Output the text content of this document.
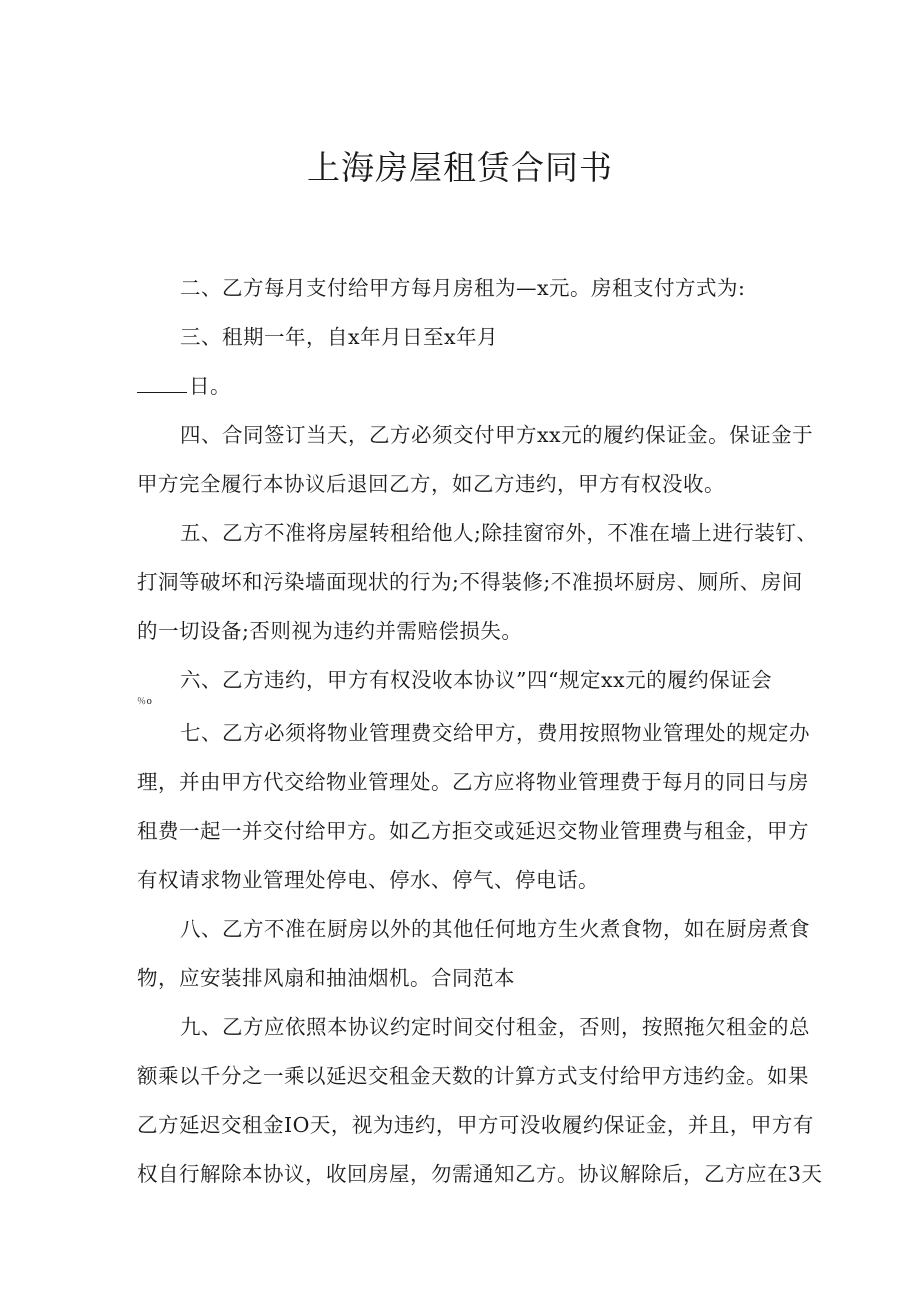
上海房屋租赁合同书
二、乙方每月支付给甲方每月房租为—x元。房租支付方式为:
三、租期一年，自x年月日至x年月
日。
四、合同签订当天，乙方必须交付甲方xx元的履约保证金。保证金于
甲方完全履行本协议后退回乙方，如乙方违约，甲方有权没收。
五、乙方不准将房屋转租给他人;除挂窗帘外，不准在墙上进行装钉、
打洞等破坏和污染墙面现状的行为;不得装修;不准损坏厨房、厕所、房间
的一切设备;否则视为违约并需赔偿损失。
六、乙方违约，甲方有权没收本协议”四“规定xx元的履约保证会
％o
七、乙方必须将物业管理费交给甲方，费用按照物业管理处的规定办
理，并由甲方代交给物业管理处。乙方应将物业管理费于每月的同日与房
租费一起一并交付给甲方。如乙方拒交或延迟交物业管理费与租金，甲方
有权请求物业管理处停电、停水、停气、停电话。
八、乙方不准在厨房以外的其他任何地方生火煮食物，如在厨房煮食
物，应安装排风扇和抽油烟机。合同范本
九、乙方应依照本协议约定时间交付租金，否则，按照拖欠租金的总
额乘以千分之一乘以延迟交租金天数的计算方式支付给甲方违约金。如果
乙方延迟交租金IO天，视为违约，甲方可没收履约保证金，并且，甲方有
权自行解除本协议，收回房屋，勿需通知乙方。协议解除后，乙方应在3天
